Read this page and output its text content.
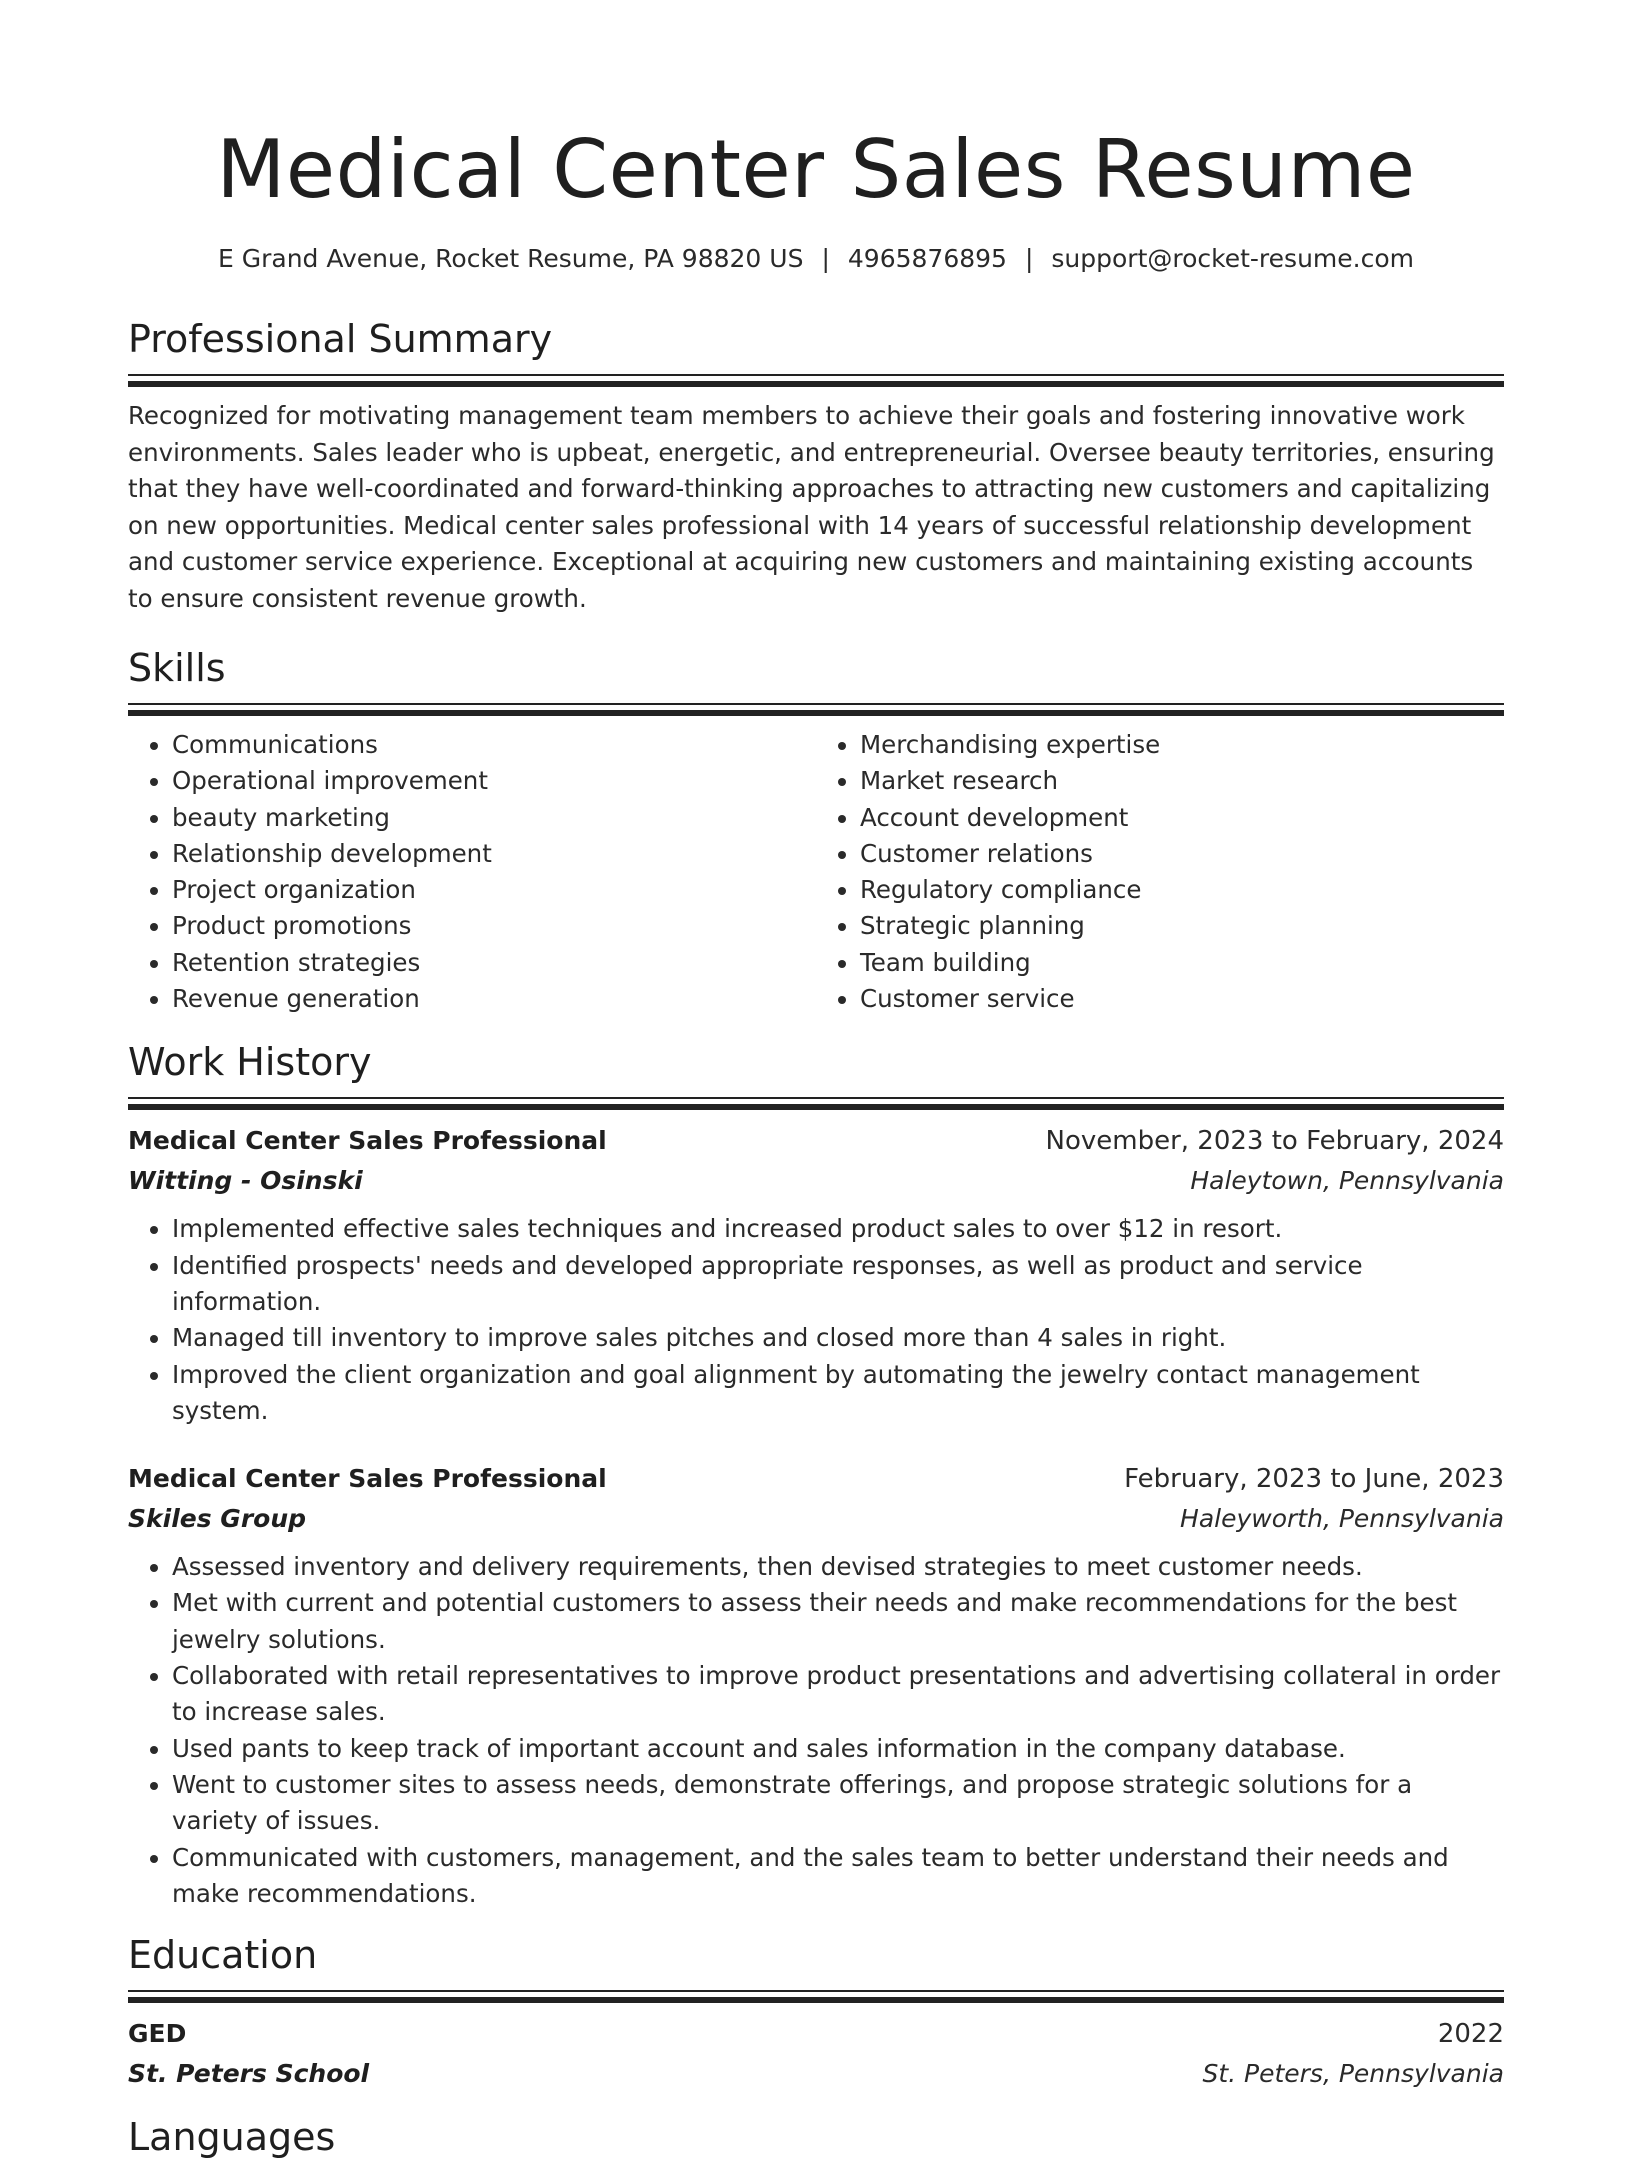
Medical Center Sales Resume
E Grand Avenue, Rocket Resume, PA 98820 US | 4965876895 | support@rocket-resume.com
Professional Summary

Recognized for motivating management team members to achieve their goals and fostering innovative work environments. Sales leader who is upbeat, energetic, and entrepreneurial. Oversee beauty territories, ensuring that they have well-coordinated and forward-thinking approaches to attracting new customers and capitalizing on new opportunities. Medical center sales professional with 14 years of successful relationship development and customer service experience. Exceptional at acquiring new customers and maintaining existing accounts to ensure consistent revenue growth.

Skills
• Communications
• Operational improvement
• beauty marketing
• Relationship development
• Project organization
• Product promotions
• Retention strategies
• Revenue generation
• Merchandising expertise
• Market research
• Account development
• Customer relations
• Regulatory compliance
• Strategic planning
• Team building
• Customer service
Work History
Medical Center Sales Professional	November, 2023 to February, 2024
Witting - Osinski	Haleytown, Pennsylvania
• Implemented effective sales techniques and increased product sales to over $12 in resort.
• Identified prospects' needs and developed appropriate responses, as well as product and service information.
• Managed till inventory to improve sales pitches and closed more than 4 sales in right.
• Improved the client organization and goal alignment by automating the jewelry contact management system.
Medical Center Sales Professional	February, 2023 to June, 2023
Skiles Group	Haleyworth, Pennsylvania
• Assessed inventory and delivery requirements, then devised strategies to meet customer needs.
• Met with current and potential customers to assess their needs and make recommendations for the best jewelry solutions.
• Collaborated with retail representatives to improve product presentations and advertising collateral in order to increase sales.
• Used pants to keep track of important account and sales information in the company database.
• Went to customer sites to assess needs, demonstrate offerings, and propose strategic solutions for a variety of issues.
• Communicated with customers, management, and the sales team to better understand their needs and make recommendations.
Education
GED	2022
St. Peters School	St. Peters, Pennsylvania
Languages
